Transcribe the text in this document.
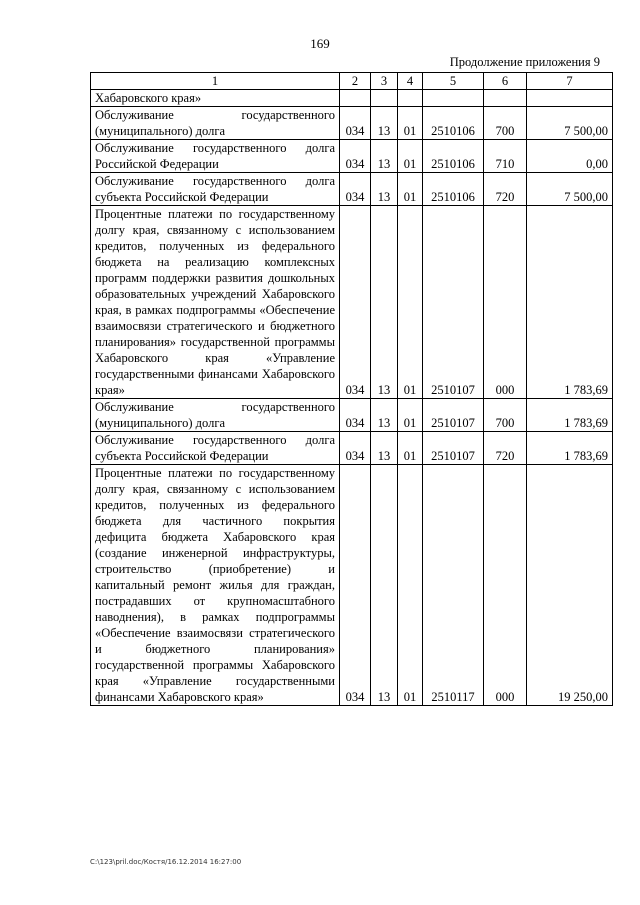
169
Продолжение приложения 9
1	2	3	4	5	6	7
Хабаровского края»						
Обслуживание государственного (муниципального) долга	034	13	01	2510106	700	7 500,00
Обслуживание государственного долга Российской Федерации	034	13	01	2510106	710	0,00
Обслуживание государственного долга субъекта Российской Федерации	034	13	01	2510106	720	7 500,00
Процентные платежи по государственному долгу края, связанному с использованием кредитов, полученных из федерального бюджета на реализацию комплексных программ поддержки развития дошкольных образовательных учреждений Хабаровского края, в рамках подпрограммы «Обеспечение взаимосвязи стратегического и бюджетного планирования» государственной программы Хабаровского края «Управление государственными финансами Хабаровского края»	034	13	01	2510107	000	1 783,69
Обслуживание государственного (муниципального) долга	034	13	01	2510107	700	1 783,69
Обслуживание государственного долга субъекта Российской Федерации	034	13	01	2510107	720	1 783,69
Процентные платежи по государственному долгу края, связанному с использованием кредитов, полученных из федерального бюджета для частичного покрытия дефицита бюджета Хабаровского края (создание инженерной инфраструктуры, строительство (приобретение) и капитальный ремонт жилья для граждан, пострадавших от крупномасштабного наводнения), в рамках подпрограммы «Обеспечение взаимосвязи стратегического и бюджетного планирования» государственной программы Хабаровского края «Управление государственными финансами Хабаровского края»	034	13	01	2510117	000	19 250,00
C:\123\pril.doc/Костя/16.12.2014 16:27:00
